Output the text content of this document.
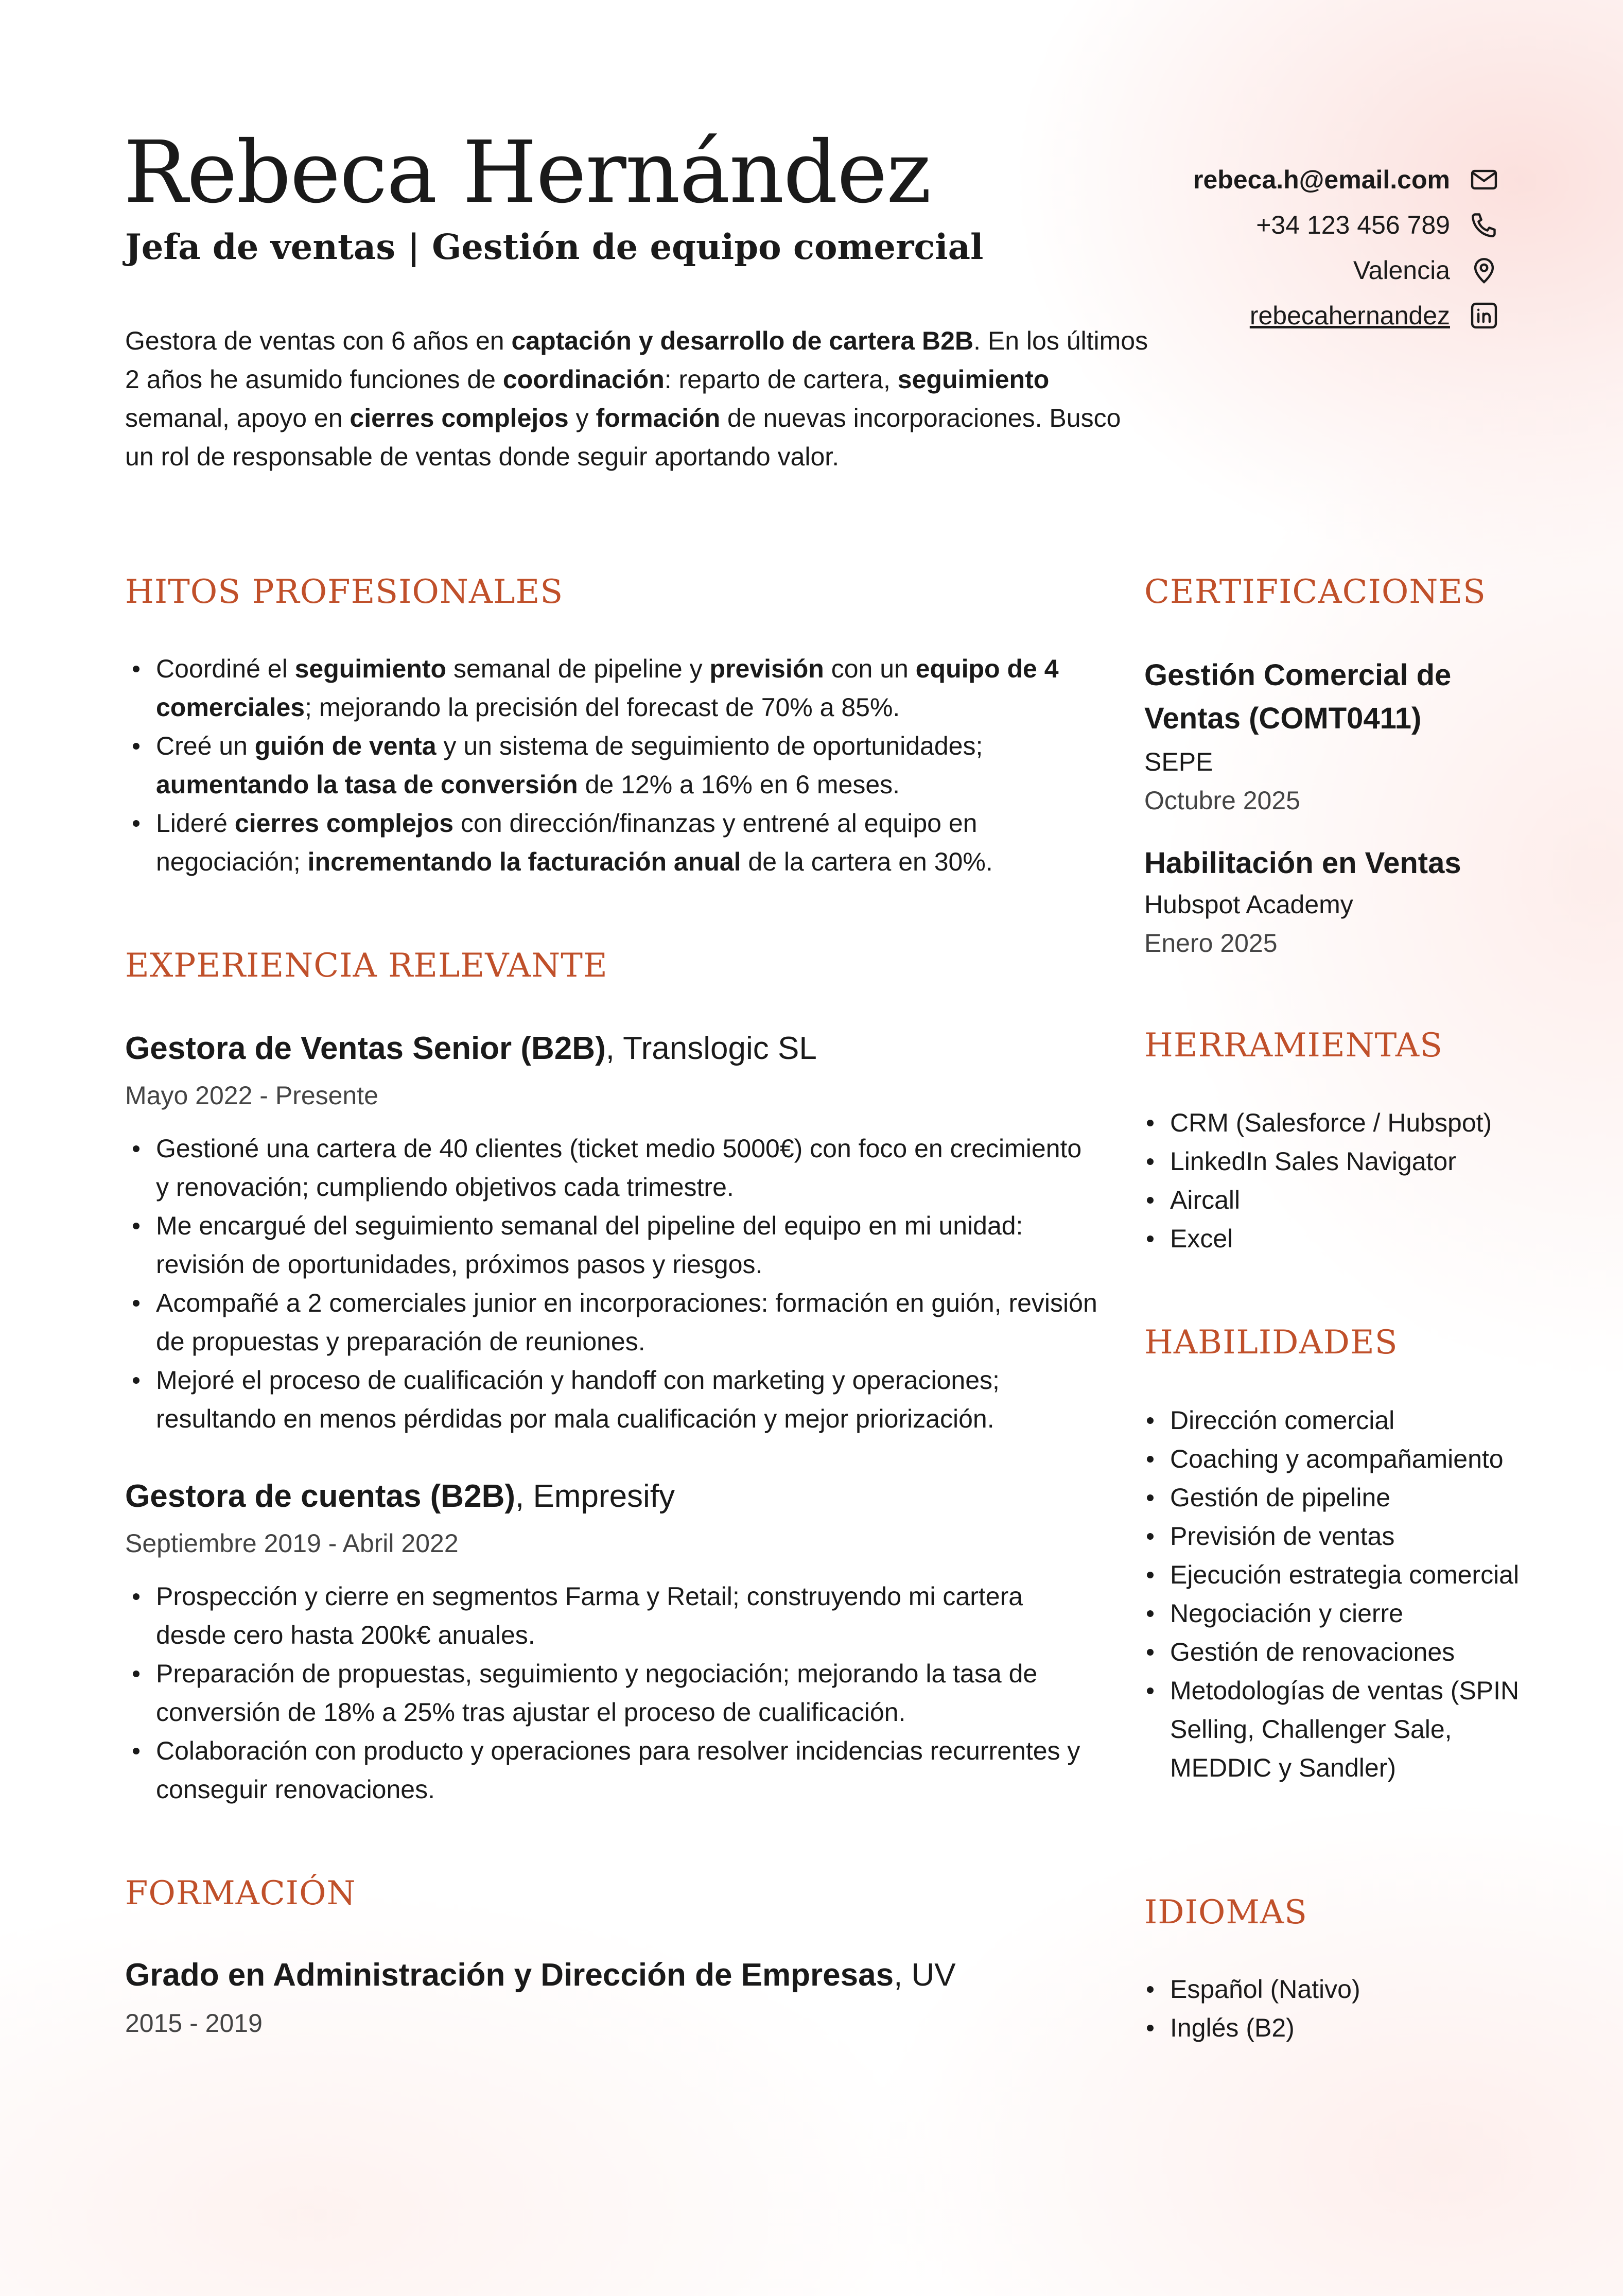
Rebeca Hernández
Jefa de ventas | Gestión de equipo comercial

Gestora de ventas con 6 años en captación y desarrollo de cartera B2B. En los últimos 2 años he asumido funciones de coordinación: reparto de cartera, seguimiento semanal, apoyo en cierres complejos y formación de nuevas incorporaciones. Busco un rol de responsable de ventas donde seguir aportando valor.

rebeca.h@email.com
+34 123 456 789
Valencia
rebecahernandez
HITOS PROFESIONALES
Coordiné el seguimiento semanal de pipeline y previsión con un equipo de 4 comerciales; mejorando la precisión del forecast de 70% a 85%.
Creé un guión de venta y un sistema de seguimiento de oportunidades; aumentando la tasa de conversión de 12% a 16% en 6 meses.
Lideré cierres complejos con dirección/finanzas y entrené al equipo en negociación; incrementando la facturación anual de la cartera en 30%.
EXPERIENCIA RELEVANTE

Gestora de Ventas Senior (B2B), Translogic SL

Mayo 2022 - Presente

Gestioné una cartera de 40 clientes (ticket medio 5000€) con foco en crecimiento y renovación; cumpliendo objetivos cada trimestre.
Me encargué del seguimiento semanal del pipeline del equipo en mi unidad: revisión de oportunidades, próximos pasos y riesgos.
Acompañé a 2 comerciales junior en incorporaciones: formación en guión, revisión de propuestas y preparación de reuniones.
Mejoré el proceso de cualificación y handoff con marketing y operaciones; resultando en menos pérdidas por mala cualificación y mejor priorización.

Gestora de cuentas (B2B), Empresify

Septiembre 2019 - Abril 2022

Prospección y cierre en segmentos Farma y Retail; construyendo mi cartera desde cero hasta 200k€ anuales.
Preparación de propuestas, seguimiento y negociación; mejorando la tasa de conversión de 18% a 25% tras ajustar el proceso de cualificación.
Colaboración con producto y operaciones para resolver incidencias recurrentes y conseguir renovaciones.
FORMACIÓN

Grado en Administración y Dirección de Empresas, UV

2015 - 2019

CERTIFICACIONES

Gestión Comercial de Ventas (COMT0411)

SEPE

Octubre 2025

Habilitación en Ventas

Hubspot Academy

Enero 2025

HERRAMIENTAS
CRM (Salesforce / Hubspot)
LinkedIn Sales Navigator
Aircall
Excel
HABILIDADES
Dirección comercial
Coaching y acompañamiento
Gestión de pipeline
Previsión de ventas
Ejecución estrategia comercial
Negociación y cierre
Gestión de renovaciones
Metodologías de ventas (SPIN Selling, Challenger Sale, MEDDIC y Sandler)
IDIOMAS
Español (Nativo)
Inglés (B2)
